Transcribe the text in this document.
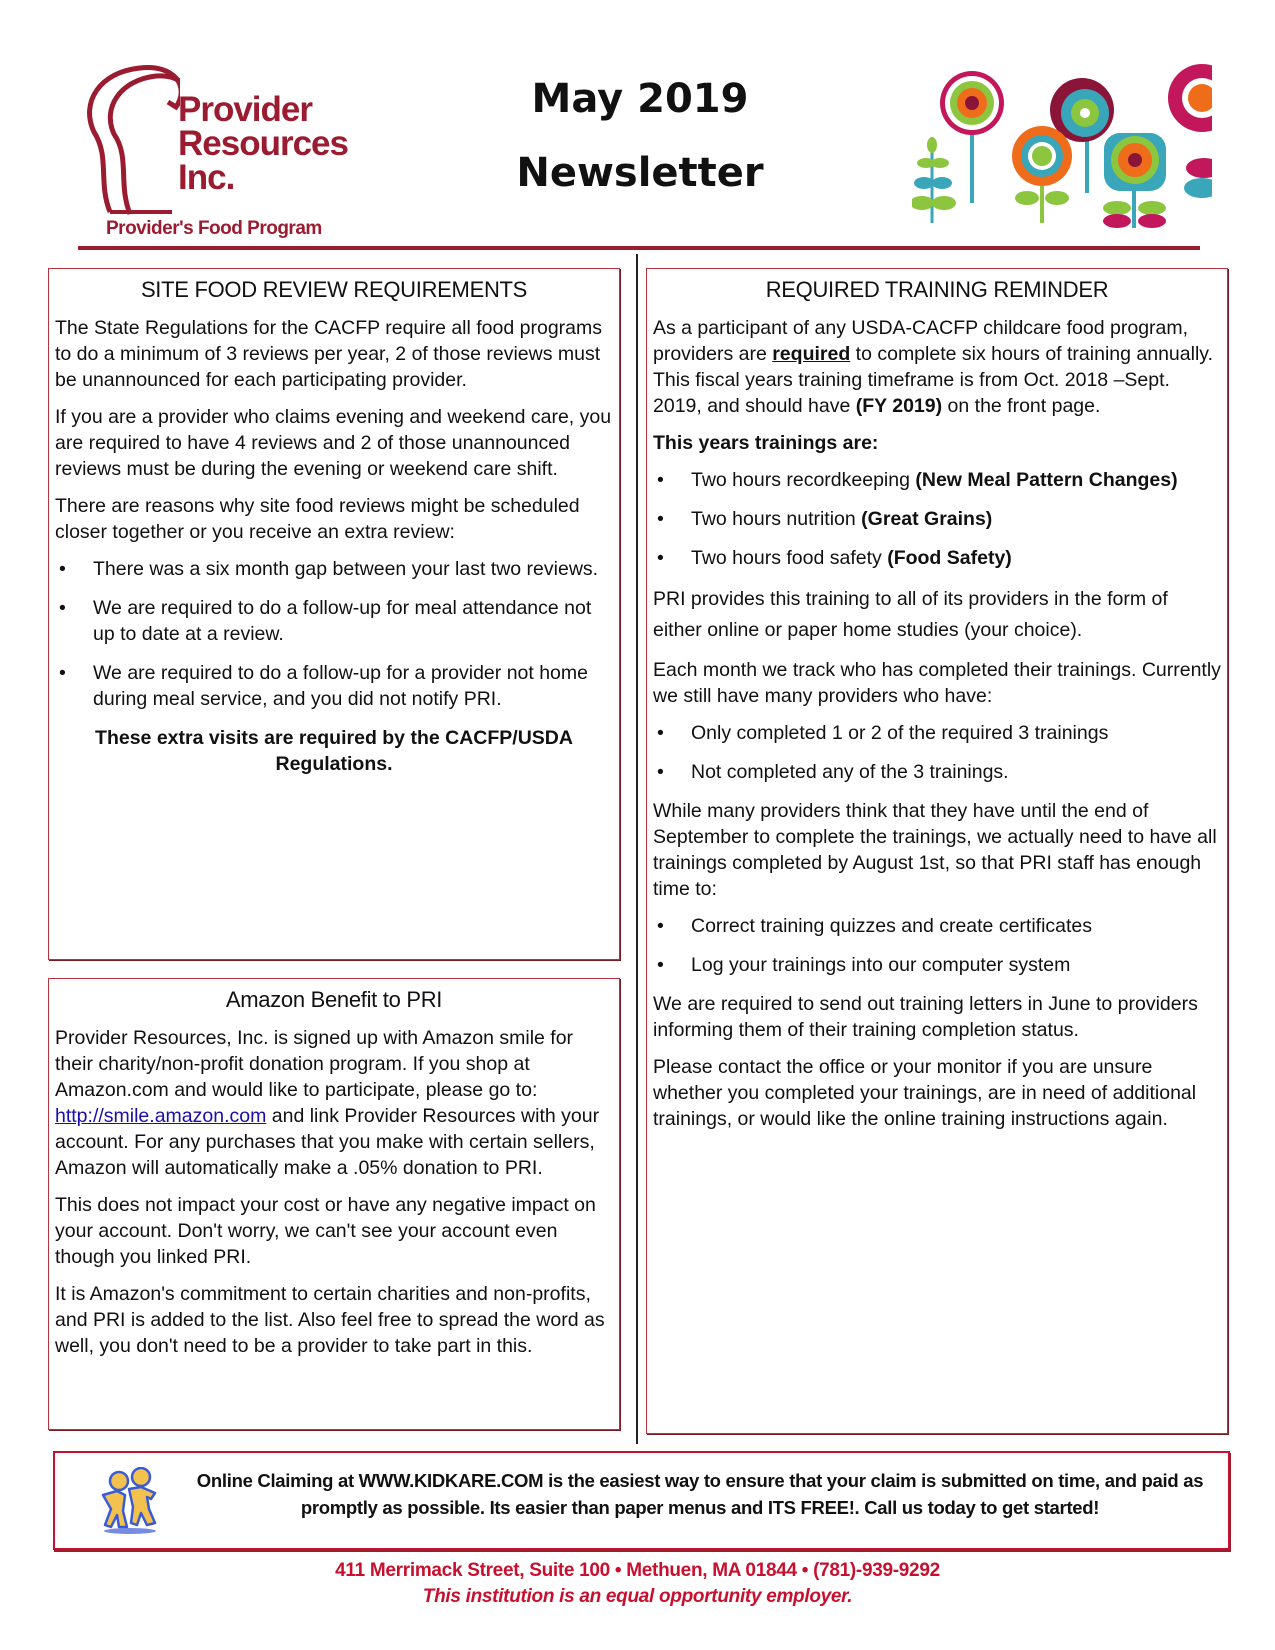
Provider
Resources
Inc.
Provider's Food Program
May 2019
Newsletter
SITE FOOD REVIEW REQUIREMENTS

The State Regulations for the CACFP require all food programs to do a minimum of 3 reviews per year, 2 of those reviews must be unannounced for each participating provider.

If you are a provider who claims evening and weekend care, you are required to have 4 reviews and 2 of those unannounced reviews must be during the evening or weekend care shift.

There are reasons why site food reviews might be scheduled closer together or you receive an extra review:

• There was a six month gap between your last two reviews.
• We are required to do a follow-up for meal attendance not up to date at a review.
• We are required to do a follow-up for a provider not home during meal service, and you did not notify PRI.

These extra visits are required by the CACFP/USDA Regulations.

Amazon Benefit to PRI

Provider Resources, Inc. is signed up with Amazon smile for their charity/non-profit donation program. If you shop at Amazon.com and would like to participate, please go to: http://smile.amazon.com and link Provider Resources with your account. For any purchases that you make with certain sellers, Amazon will automatically make a .05% donation to PRI.

This does not impact your cost or have any negative impact on your account. Don't worry, we can't see your account even though you linked PRI.

It is Amazon's commitment to certain charities and non-profits, and PRI is added to the list. Also feel free to spread the word as well, you don't need to be a provider to take part in this.

REQUIRED TRAINING REMINDER

As a participant of any USDA-CACFP childcare food program, providers are required to complete six hours of training annually. This fiscal years training timeframe is from Oct. 2018 –Sept. 2019, and should have (FY 2019) on the front page.

This years trainings are:

• Two hours recordkeeping (New Meal Pattern Changes)
• Two hours nutrition (Great Grains)
• Two hours food safety (Food Safety)

PRI provides this training to all of its providers in the form of either online or paper home studies (your choice).

Each month we track who has completed their trainings. Currently we still have many providers who have:

• Only completed 1 or 2 of the required 3 trainings
• Not completed any of the 3 trainings.

While many providers think that they have until the end of September to complete the trainings, we actually need to have all trainings completed by August 1st, so that PRI staff has enough time to:

• Correct training quizzes and create certificates
• Log your trainings into our computer system

We are required to send out training letters in June to providers informing them of their training completion status.

Please contact the office or your monitor if you are unsure whether you completed your trainings, are in need of additional trainings, or would like the online training instructions again.

Online Claiming at WWW.KIDKARE.COM is the easiest way to ensure that your claim is submitted on time, and paid as promptly as possible. Its easier than paper menus and ITS FREE!. Call us today to get started!
411 Merrimack Street, Suite 100 • Methuen, MA 01844 • (781)-939-9292
This institution is an equal opportunity employer.
